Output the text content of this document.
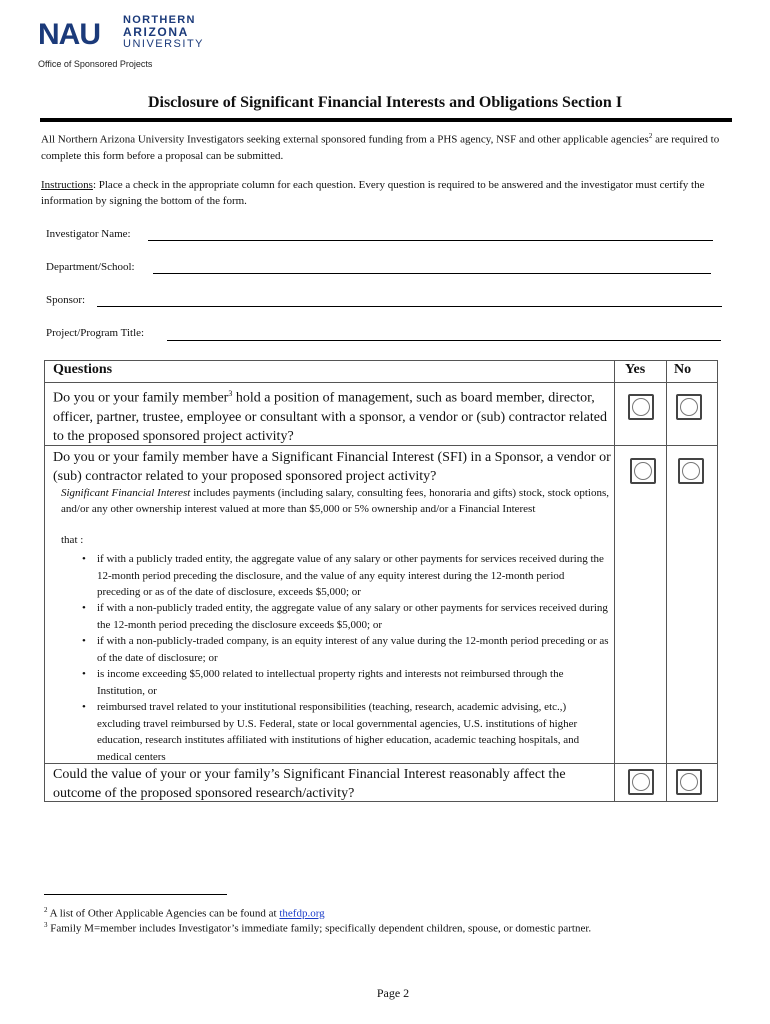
NAU NORTHERN
ARIZONA
UNIVERSITY
Office of Sponsored Projects
Disclosure of Significant Financial Interests and Obligations Section I
All Northern Arizona University Investigators seeking external sponsored funding from a PHS agency, NSF and other applicable agencies$^2$ are required to complete this form before a proposal can be submitted.
Instructions: Place a check in the appropriate column for each question. Every question is required to be answered and the investigator must certify the information by signing the bottom of the form.
Investigator Name:
Department/School:
Sponsor:
Project/Program Title:
Questions	Yes No
Do you or your family member$^3$ hold a position of management, such as board member, director, officer, partner, trustee, employee or consultant with a sponsor, a vendor or (sub) contractor related to the proposed sponsored project activity?
Do you or your family member have a Significant Financial Interest (SFI) in a Sponsor, a vendor or (sub) contractor related to your proposed sponsored project activity?
Significant Financial Interest includes payments (including salary, consulting fees, honoraria and gifts) stock, stock options, and/or any other ownership interest valued at more than $5,000 or 5% ownership and/or a Financial Interest
that :
• if with a publicly traded entity, the aggregate value of any salary or other payments for services received during the 12-month period preceding the disclosure, and the value of any equity interest during the 12-month period preceding or as of the date of disclosure, exceeds $5,000; or
• if with a non-publicly traded entity, the aggregate value of any salary or other payments for services received during the 12-month period preceding the disclosure exceeds $5,000; or
• if with a non-publicly-traded company, is an equity interest of any value during the 12-month period preceding or as of the date of disclosure; or
• is income exceeding $5,000 related to intellectual property rights and interests not reimbursed through the Institution, or
• reimbursed travel related to your institutional responsibilities (teaching, research, academic advising, etc.,) excluding travel reimbursed by U.S. Federal, state or local governmental agencies, U.S. institutions of higher education, research institutes affiliated with institutions of higher education, academic teaching hospitals, and medical centers
Could the value of your or your family’s Significant Financial Interest reasonably affect the outcome of the proposed sponsored research/activity?
$^2$ A list of Other Applicable Agencies can be found at thefdp.org
$^3$ Family M=member includes Investigator’s immediate family; specifically dependent children, spouse, or domestic partner.
Page 2
